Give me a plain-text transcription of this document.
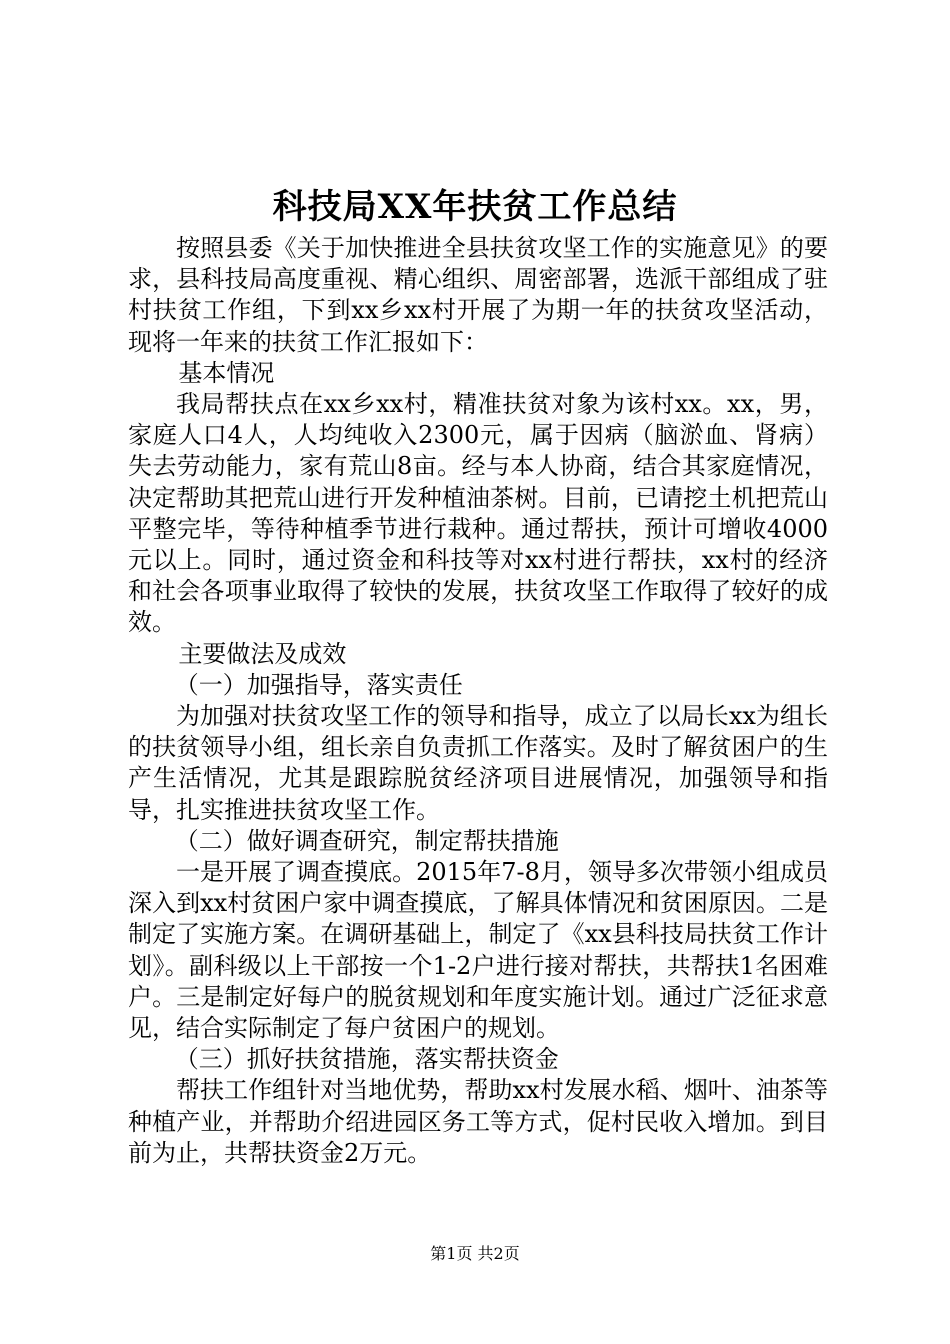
科技局XX年扶贫工作总结

按照县委《关于加快推进全县扶贫攻坚工作的实施意见》的要求，县科技局高度重视、精心组织、周密部署，选派干部组成了驻村扶贫工作组，下到xx乡xx村开展了为期一年的扶贫攻坚活动，现将一年来的扶贫工作汇报如下：

基本情况

我局帮扶点在xx乡xx村，精准扶贫对象为该村xx。xx，男，家庭人口4人，人均纯收入2300元，属于因病（脑淤血、肾病）失去劳动能力，家有荒山8亩。经与本人协商，结合其家庭情况，决定帮助其把荒山进行开发种植油茶树。目前，已请挖土机把荒山平整完毕，等待种植季节进行栽种。通过帮扶，预计可增收4000元以上。同时，通过资金和科技等对xx村进行帮扶，xx村的经济和社会各项事业取得了较快的发展，扶贫攻坚工作取得了较好的成效。

主要做法及成效

（一）加强指导，落实责任

为加强对扶贫攻坚工作的领导和指导，成立了以局长xx为组长的扶贫领导小组，组长亲自负责抓工作落实。及时了解贫困户的生产生活情况，尤其是跟踪脱贫经济项目进展情况，加强领导和指导，扎实推进扶贫攻坚工作。

（二）做好调查研究，制定帮扶措施

一是开展了调查摸底。2015年7-8月，领导多次带领小组成员深入到xx村贫困户家中调查摸底，了解具体情况和贫困原因。二是制定了实施方案。在调研基础上，制定了《xx县科技局扶贫工作计划》。副科级以上干部按一个1-2户进行接对帮扶，共帮扶1名困难户。三是制定好每户的脱贫规划和年度实施计划。通过广泛征求意见，结合实际制定了每户贫困户的规划。

（三）抓好扶贫措施，落实帮扶资金

帮扶工作组针对当地优势，帮助xx村发展水稻、烟叶、油茶等种植产业，并帮助介绍进园区务工等方式，促村民收入增加。到目前为止，共帮扶资金2万元。

第1页 共2页
